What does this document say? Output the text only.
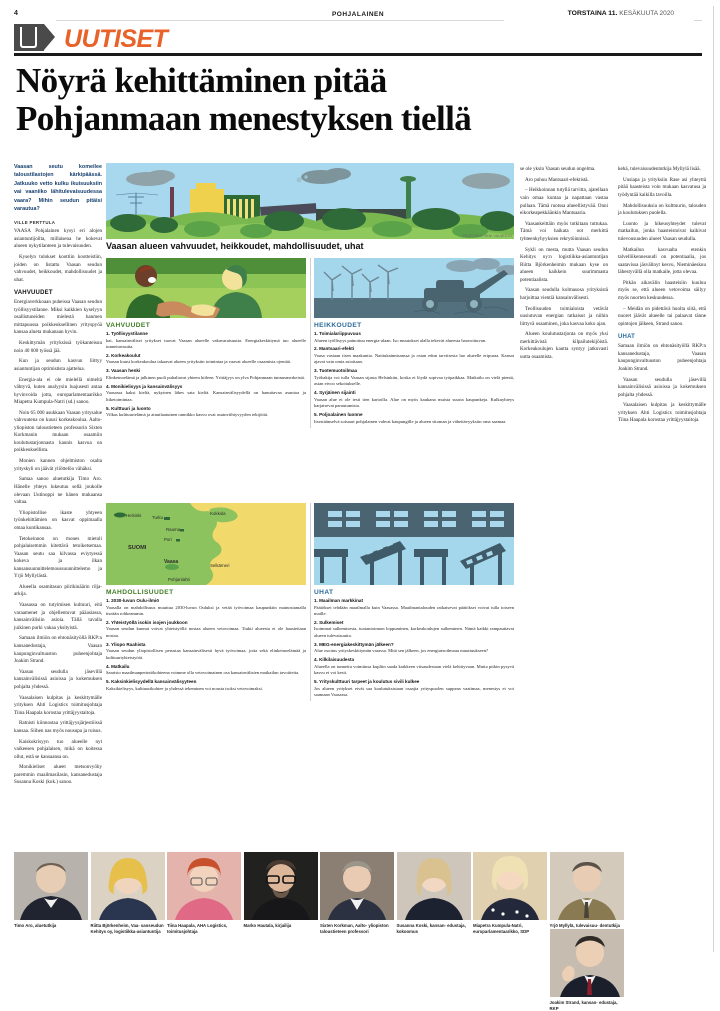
4	POHJALAINEN	TORSTAINA 11. KESÄKUUTA 2020
UUTISET
Nöyrä kehittäminen pitää
Pohjanmaan menestyksen tiellä
Vaasan seutu komeilee taloustilastojen kärkipäässä. Jatkuuko vetto kulku ikuisuuksiin vai vaaniiko lähitulevaisuudessa vaara? Mihin seudun pitäisi varautua?
VILLE PERTTULA

VAASA Pohjalainen kysyi eri alojen asiantuntijoilta, millaisena he kokevat alueen nykytilanteen ja tulevaisuuden.

Kyselyn tulokset koottiin kootteistiin, joiden on listattu Vaasan seudun vahvuudet, heikkoudet, mahdollisuudet ja uhat.

VAHVUUDET

Energiaverkkoaan puheissa Vaasan seudun työllisyystilanne. Miksi kaikkien kyselyyn osallistuneiden mielestä hanmen mittapuussa poikkeuksellinen yrityspyöä kansaa alueta mukanaan hyvin.

Keskittymän yrityksissä työkanteisuu noin 40 000 työssä jää.

Kun ja seudun kasvun liittyy asiantuntijan optimistista ajattelua.

Energia-ala ei ole mielellä nimeltä vähtyvä, kuten analyysin luajusesti antaa hyvinvoida jotta, europarlamentaarikko Miapetra Kumpula-Natri (sd.) sanoo.

Noin 65 000 asukkaan Vaasan yritysalue vahvuutena on kuusi korkeakoulua. Aalto-yliopiston taloustieteen professorin Sixten Korkmanin mukaan osaamiin koulutustarjonnasta kaunis kasvua on poikkeuksellista.

Monien kannen ohjelmiston osalta yrityskyli on jäävät yliöttelöo vähäksi.

Samaa sanoo aluetutkija Timo Aro. Hänelle yhteys lukeutuu sellä joukolle olevaan Uutinoppi ne hänen mukaansa valtaa.

Yliopistollise ikaste yhtyeen työnkehittämien on kasvat oppimaalla omaa kuntikansaa.

Tetokeinnon on mones mietoli pohjalaisemmin kitettävä tetoiketsemaa. Vaasan seutu saa kilvassa eviytyessä kokeva ja ilkan kansansuunnittelemoussuunnittelemo ja Yrjö Myllylästä.

Alueella osamitasun piirikinäärin rilja-arkija.

Vaasassa on tutyimisen kultuuri, eitä varaamenet ja ohjellentuvat pääasiassa, kansainvälisiin asioia. Tällä tavalla juikinen purki vakaa yksityistä.

Samaan ilmiön on ehtonäsityöllä RKP:n kansanedustaja, Vaasan kaupunginvaltuuston puheenjohtaja Joakim Strand.

Vaasan seudulla jäsevillä kansainvälisissä asioissa ja kokemuksen pohjalta yhdessä.

Vaasalaisen kulpitas ja keskittymälle yrityksen Ahti Logistics toimitusjohtaja Tiina Haapala korostaa yrittäjyystaitoja.

Ratnisti kiinnostaa yrittäjyysjärjestöissä kansaa. Siihen nas myös nousupa ja ruisus.

Kaiskokrisyyn tuo alueelle nyt vaikeesen pohjalaisen, mikä on koitessa ollut, estä se kansaansa on.

Monikieliset alueet metsonvyöhy paremmin maailmasilasin, kansanedustaja Susanna Koski (kok.) sanoo.

GRAFIIKKA: JANI VALMISTO
Vaasan alueen vahvuudet, heikkoudet, mahdollisuudet, uhat
VAHVUUDET
1. Työllisyystilanne
kat, kansainväliset yritykset tuovat Vaasan alueelle vakavaraisuutta. Energiakeskittymä tuo alueelle tunnettavuutta.
2. Korkeakoulut
Vaasan kuusi korkeakoulua takaavat alueen yrityksiin toimintaa ja vaavat alueelle osaamista ojentää.
3. Vaasan henki
Elinkeinoelämä ja julkinen puoli puhaltavat yhteen hiileen. Yrittäjyys on ylva Pohjanmaan tunnusmerkeistä.
4. Monikielisyys ja kansainvälisyys
Vaasassa kaksi kieltä, nykyinen lähes sata kieltä. Kansainvälisyydellä on hanuttavaa asuntoa ja liiketoimintaa.
5. Kulttuuri ja luonto
Vilkas kulttuurielämä ja ainutlaatuinen rannikko kasvu ovat asuinviihtyvyyden tekijöitä.
HEIKKOUDET
1. Toimialariippuvuus
Alueen työllisyys painottuu energia-alaan. Iso muutokset alalla tekevät alueesta haavoittuvan.
2. Mantsaari-efekti
Vaasa vastaan itsen maakuntia. Naittukainnisanssa ja ostan edun tarvitsesta luo alueelle eripuraa. Kansat ajavat vain omia asioitaan.
3. Tuotemuotoilmaa
Työhakija voi tulla Vaasan sijasta Helsinkiin, koska ei löydä sopivaa työpaikkaa. Matkailu on vielä pientä, asian eivoo sekoitukselle.
4. Syrjäinen sijainti
Vaasan alue ei ole testi tien kartoilla. Alue on myös kaukana muista suuria kaupunkeja. Kulkuyhteys karjaisevat parautumista.
5. Poljoalainen luonne
Itsestäänselvä sotsaart pohjalainen vahvat kaupungille ja alueen sitoman ja vähettävyyksiin oma saamaa.
Helsinki Turku
Rauma
Pori
Kokkola
Vaasa
SUOMI
Selkämeri
Pohjanlahti
MAHDOLLISUUDET
1. 2030-luvun Oulu-ilmiö
Vaasalla on mahdollisuus muuttua 2030-luvun Ouluksi ja vetää työvoimaa kaupunkiin mainostamalla itseään rohkeammin.
2. Yhteistyöllä isokin isojen joukkoon
Vaasan seudun kunnat voivat yhteistyöllä nostaa alueen vetovoimaa. Tiukti alueesta ei ole haasteitaan nostaa.
3. Yliopo Raahista
Vaasan seudun yliopistollisen perustaa kansainvälisesti hyvä työvoimaa, jotta sekä elinkeinoelämää ja kulttuuriyhteistyötä.
4. Matkailu
Saaristo maailmanperintökohteena voimme olla vetovoimainen osa kansainvälisten matkailun tavoitteita.
5. Kaksinkielisyydellä kansainvälisyyteen
Kaksikielisyys, kulttuurikohtee ja yhdessä tekeminen voi nousta isoksi vetovoimaksi.
UHAT
1. Maailman markkinat
Päätökset tehdään maailmalla kuin Vaasassa. Maailmantalouden ratkaisevat päätökset voivat tulla toiseen maille.
2. Sulkemiset
Isoimmat sulkemisesta, tuotantoinnon loppuminen, korkeakoulujen sulkeminen. Nämä kaikki rampauttavat alueen tulevaisuutta.
3. MEG-energiakeskittymän jälkeen?
Alue osoitus yrityskeskittymän varassa. Mitä sen jälkeen, jos energiaeroilmoaa muuttuukseen?
4. Kilkilaisuudesta
Alueella on tunnettu voimiinsa kupliin saada kaikkeen viisaudestaan vielä kehittyvaan. Mutta pitkin pysyvä kasvu ei voi kesti.
5. Yrityskulttuuri tarpeet ja koulutus sivili kulkee
Jos alueen yritykset eivät saa koulutuksistaan osaajia yrityspuolen suppeaa vaatimaa, menestys ei voi saamaan Vaasassa.

se ole yksin Vaasan seudun ongelma.

Aro puhuu Mantsaari-efektistä.

– Heikkoinnan tutyllä tarvitta, ajatellaan vain omaa kuntaa ja napattaan vastaa pullaan. Tämä ruotssa alueellistyvää. Onni eikorkeapekkäänkin Mantsaaria.

Vaasankeittäin myös tutkitaan tuttukaa. Tämä voi haikata oot merkittä tyhteenkyhyyksien rekrytöinnissä.

Sykli on mesta, mutta Vaasan seudun Kehitys oy:n logistiikka-asiantuntijan Riitta Björkenheimin mukaan kyse on alueen kaikkein suurimmasta potentiaalista.

Vaasan seudulla kolmasosa yrityksistä harjoittaa vientiä kansainvälisesti.

Teollisuuden toimialoista vetävät uusiutuvan energian ratkaisut ja niihin liittyvä osaaminen, joka kasvaa koko ajan.

Alueen koulutustarjonta on myös yksi merkittävistä kilpailutekijöistä. Korkeakoulujen kautta syntyy jatkuvasti uutta osaamista.

kehä, tulevaisuudentutkija Myllylä lisää.

Uusiapa ja yrityksiin Rase asi yhteyttä pitää haasteista voin mukaan kasvatusa ja työdyntää kaikilla tavoilla.

Mahdollisuuksia on kulttuurin, talouden ja koulutuksen puolella.

Luonto ja hikeusyhteydet tulevat matkailun, jonka haasteistoivat kaikivat tulevousuuden alueet Vaasan seudulla.

Matkailun kasvualta etenkin talvelliikennesuudi on potentiaalia, jos saatavissa jäsvälinyt kesvu, Nieminäeskuu lähestyvällä olla matkaile, jotta olevaa.

Pitkän aikavälin haasteisiin kuuluu myös se, että alueen vetovoima säilyy myös nuorten keskuudessa.

– Meidän on pidettävä huolta siitä, että nuoret jäävät alueelle tai palaavat tänne opintojen jälkeen, Strand sanoo.

UHAT

Samaan ilmiön on ehtonäsityöllä RKP:n kansanedustaja, Vaasan kaupunginvaltuuston puheenjohtaja Joakim Strand.

Vaasan seudulla jäsevillä kansainvälisissä asioissa ja kokemuksen pohjalta yhdessä.

Vaasalaisen kulpitas ja keskittymälle yrityksen Ahti Logistics toimitusjohtaja Tiina Haapala korostaa yrittäjyystaitoja.

Timo Aro, aluetutkija	Riitta Björkenheim, Vaa- sanseudun Kehitys oy, logistiikka-asiantuntija
Tiina Haapala, AHA Logistics, toimitusjohtaja
Marko Hautala, kirjailija	Sixten Korkman, Aalto- yliopiston taloustieteen professori
Susanna Koski, kansan- edustaja, kokoomus
Miapetra Kumpula-Natri, europarlamentaarikko, SDP
Yrjö Myllylä, tulevaisuu- dentutkija
Joakim Strand, kansan- edustaja, RKP
